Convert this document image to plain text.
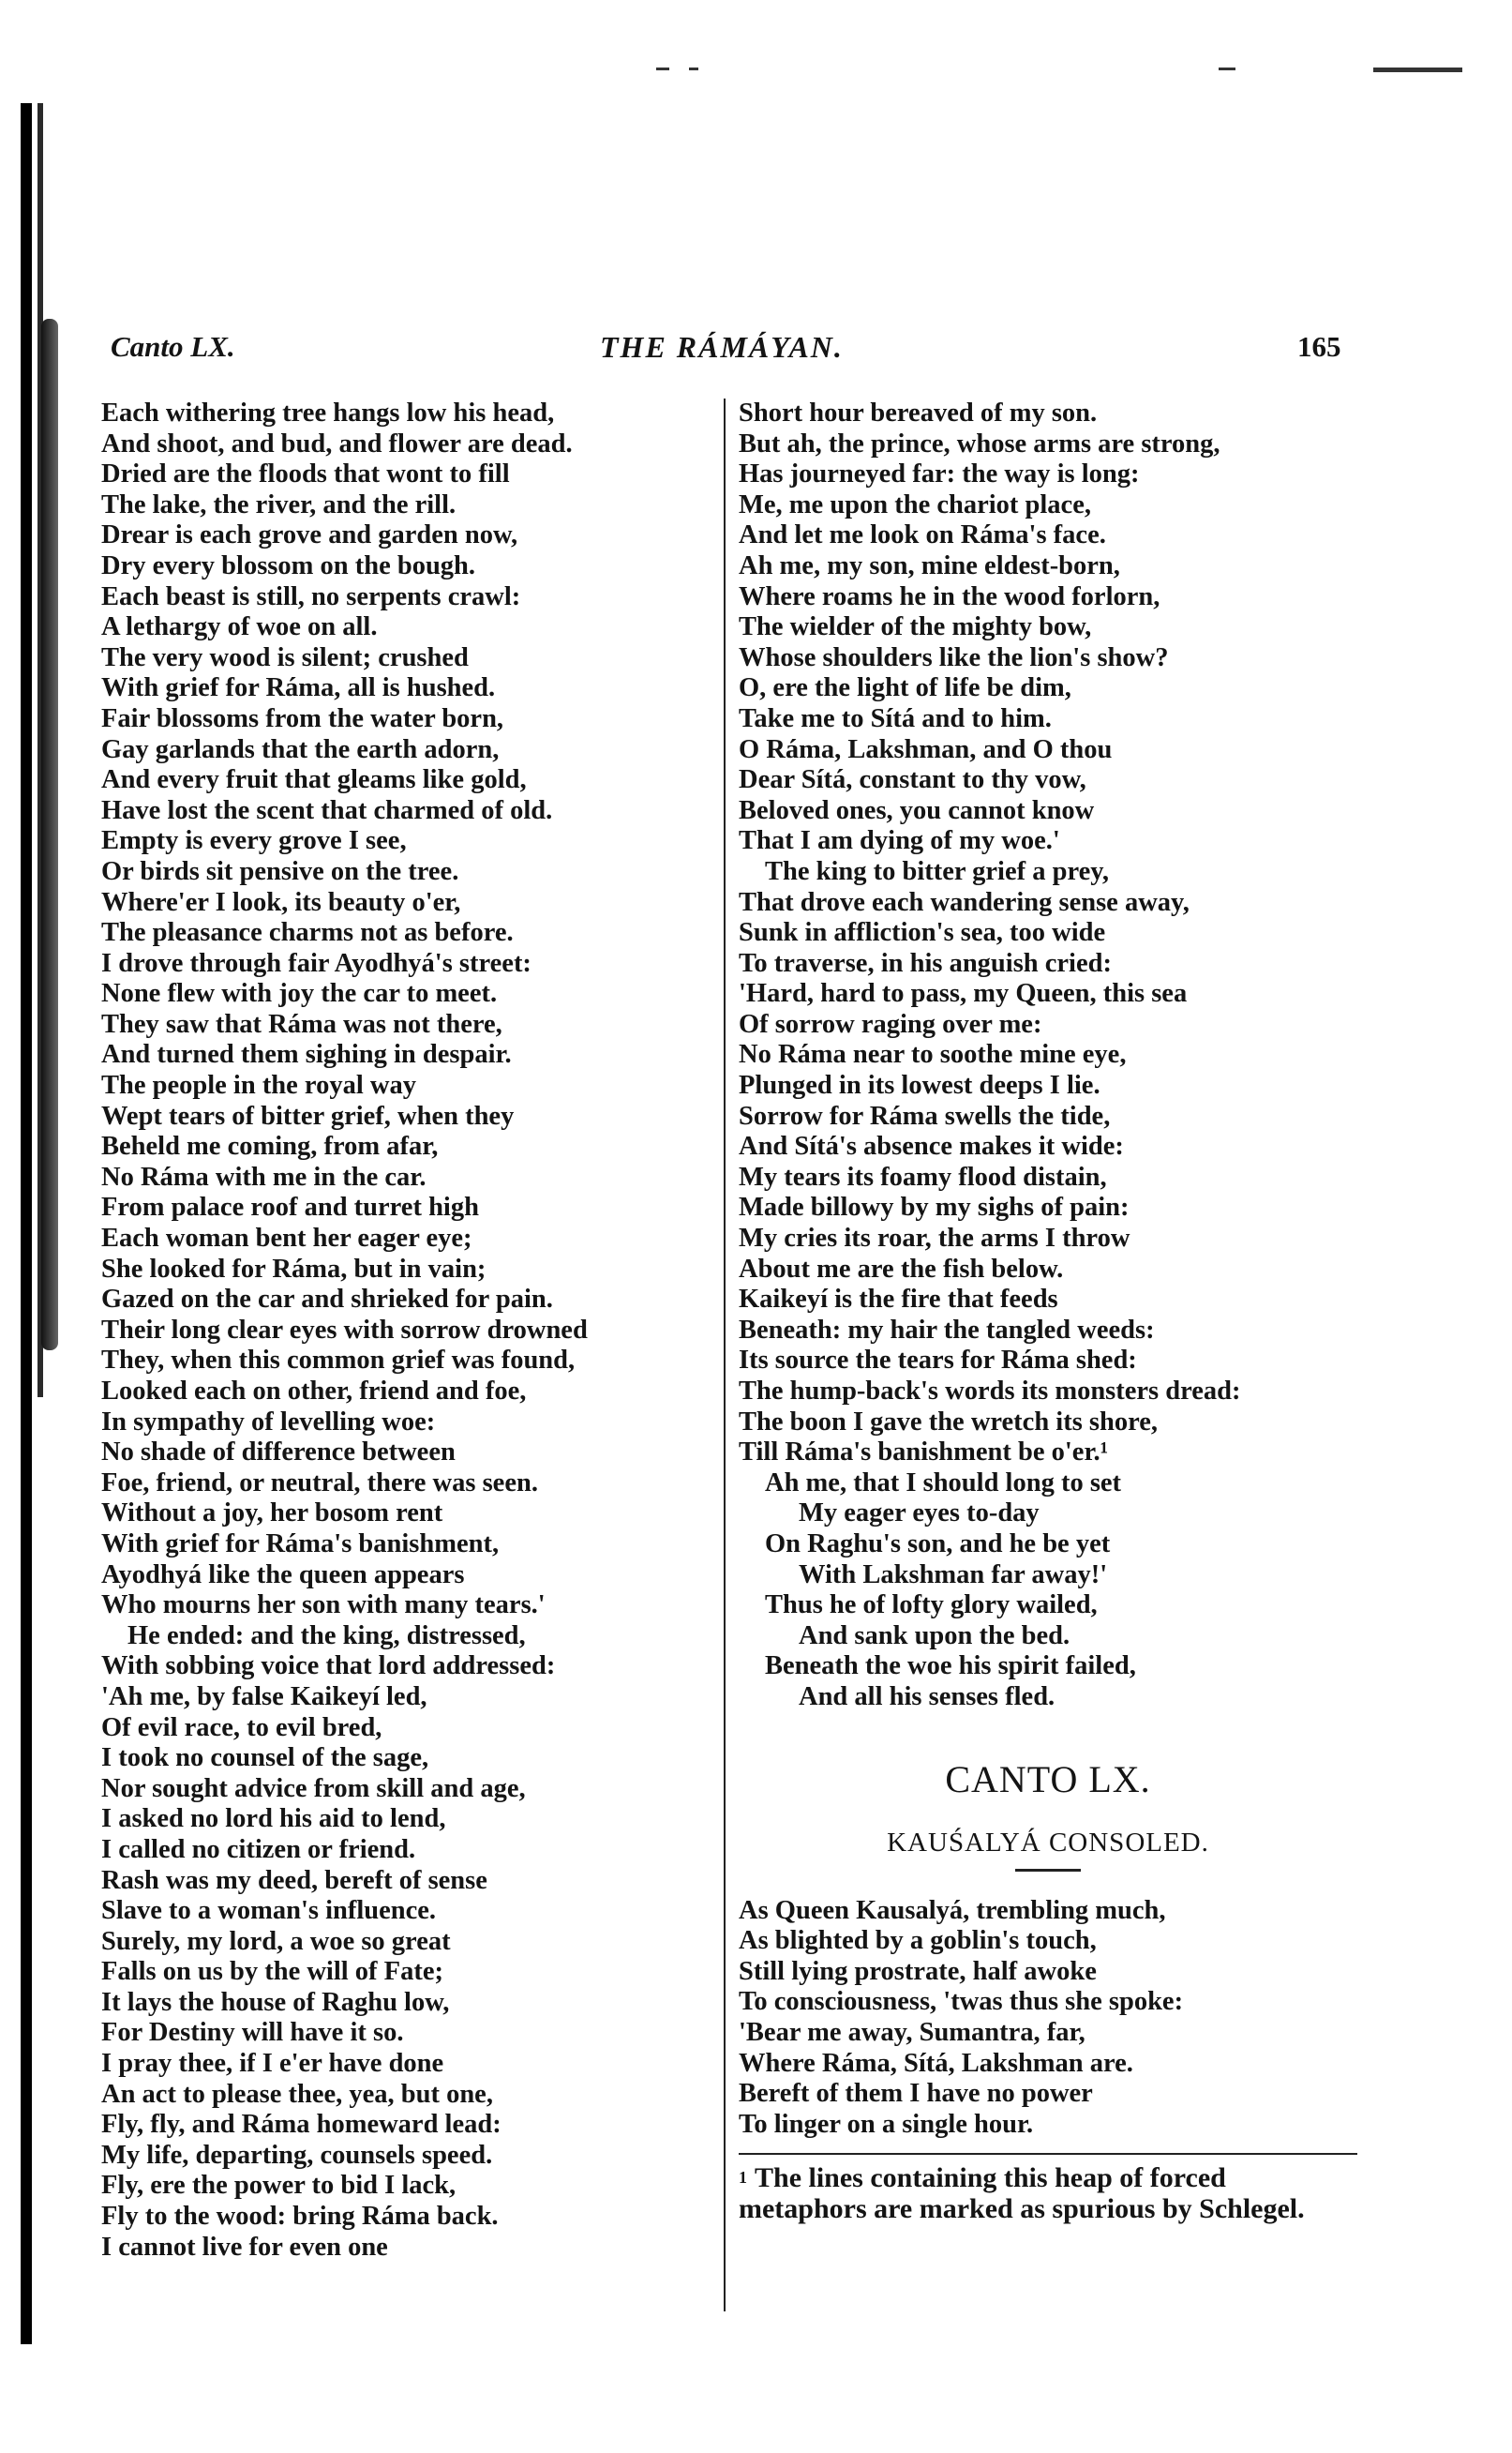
Canto LX.	THE RÁMÁYAN.	165
Each withering tree hangs low his head,
And shoot, and bud, and flower are dead.
Dried are the floods that wont to fill
The lake, the river, and the rill.
Drear is each grove and garden now,
Dry every blossom on the bough.
Each beast is still, no serpents crawl:
A lethargy of woe on all.
The very wood is silent; crushed
With grief for Ráma, all is hushed.
Fair blossoms from the water born,
Gay garlands that the earth adorn,
And every fruit that gleams like gold,
Have lost the scent that charmed of old.
Empty is every grove I see,
Or birds sit pensive on the tree.
Where'er I look, its beauty o'er,
The pleasance charms not as before.
I drove through fair Ayodhyá's street:
None flew with joy the car to meet.
They saw that Ráma was not there,
And turned them sighing in despair.
The people in the royal way
Wept tears of bitter grief, when they
Beheld me coming, from afar,
No Ráma with me in the car.
From palace roof and turret high
Each woman bent her eager eye;
She looked for Ráma, but in vain;
Gazed on the car and shrieked for pain.
Their long clear eyes with sorrow drowned
They, when this common grief was found,
Looked each on other, friend and foe,
In sympathy of levelling woe:
No shade of difference between
Foe, friend, or neutral, there was seen.
Without a joy, her bosom rent
With grief for Ráma's banishment,
Ayodhyá like the queen appears
Who mourns her son with many tears.'
He ended: and the king, distressed,
With sobbing voice that lord addressed:
'Ah me, by false Kaikeyí led,
Of evil race, to evil bred,
I took no counsel of the sage,
Nor sought advice from skill and age,
I asked no lord his aid to lend,
I called no citizen or friend.
Rash was my deed, bereft of sense
Slave to a woman's influence.
Surely, my lord, a woe so great
Falls on us by the will of Fate;
It lays the house of Raghu low,
For Destiny will have it so.
I pray thee, if I e'er have done
An act to please thee, yea, but one,
Fly, fly, and Ráma homeward lead:
My life, departing, counsels speed.
Fly, ere the power to bid I lack,
Fly to the wood: bring Ráma back.
I cannot live for even one
Short hour bereaved of my son.
But ah, the prince, whose arms are strong,
Has journeyed far: the way is long:
Me, me upon the chariot place,
And let me look on Ráma's face.
Ah me, my son, mine eldest-born,
Where roams he in the wood forlorn,
The wielder of the mighty bow,
Whose shoulders like the lion's show?
O, ere the light of life be dim,
Take me to Sítá and to him.
O Ráma, Lakshman, and O thou
Dear Sítá, constant to thy vow,
Beloved ones, you cannot know
That I am dying of my woe.'
The king to bitter grief a prey,
That drove each wandering sense away,
Sunk in affliction's sea, too wide
To traverse, in his anguish cried:
'Hard, hard to pass, my Queen, this sea
Of sorrow raging over me:
No Ráma near to soothe mine eye,
Plunged in its lowest deeps I lie.
Sorrow for Ráma swells the tide,
And Sítá's absence makes it wide:
My tears its foamy flood distain,
Made billowy by my sighs of pain:
My cries its roar, the arms I throw
About me are the fish below.
Kaikeyí is the fire that feeds
Beneath: my hair the tangled weeds:
Its source the tears for Ráma shed:
The hump-back's words its monsters dread:
The boon I gave the wretch its shore,
Till Ráma's banishment be o'er.¹
Ah me, that I should long to set
My eager eyes to-day
On Raghu's son, and he be yet
With Lakshman far away!'
Thus he of lofty glory wailed,
And sank upon the bed.
Beneath the woe his spirit failed,
And all his senses fled.
CANTO LX.
KAUŚALYÁ CONSOLED.
As Queen Kausalyá, trembling much,
As blighted by a goblin's touch,
Still lying prostrate, half awoke
To consciousness, 'twas thus she spoke:
'Bear me away, Sumantra, far,
Where Ráma, Sítá, Lakshman are.
Bereft of them I have no power
To linger on a single hour.
$^1$ The lines containing this heap of forced metaphors are marked as spurious by Schlegel.
